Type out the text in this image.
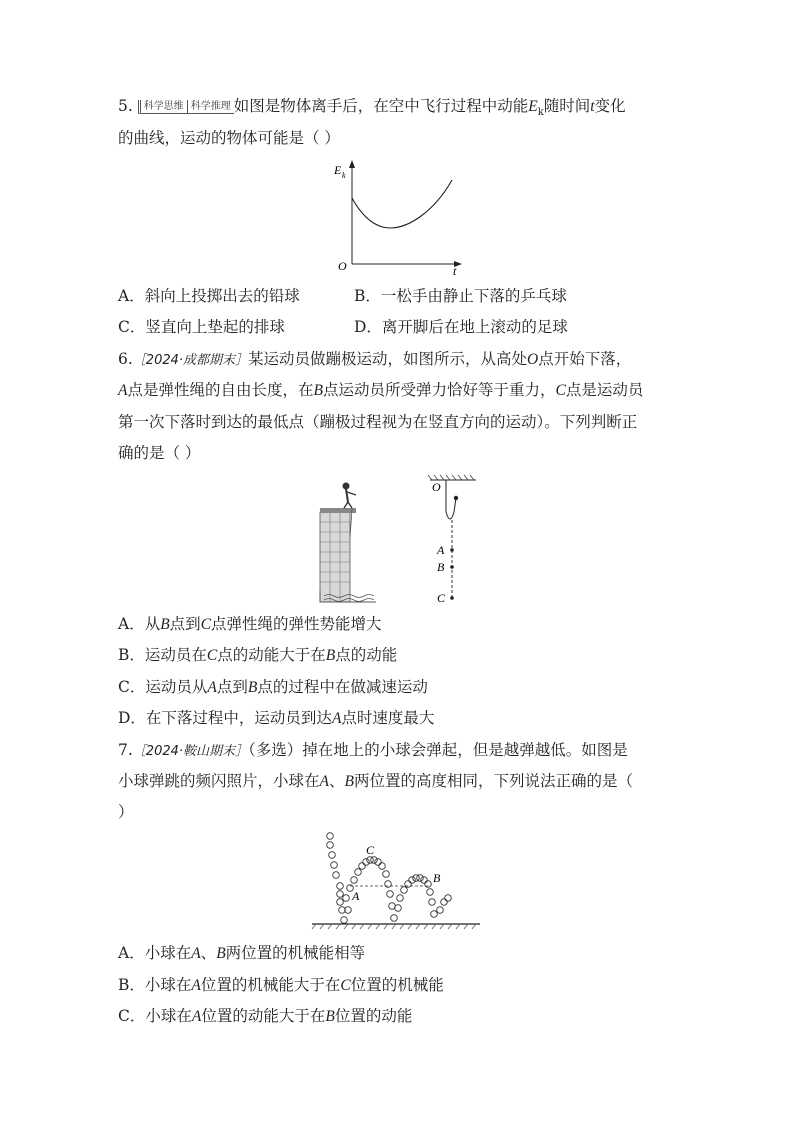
5. 科学思维 科学推理 如图是物体离手后，在空中飞行过程中动能$E_k$随时间t变化
的曲线，运动的物体可能是（ ）
E k
O	t
A．斜向上投掷出去的铅球	B．一松手由静止下落的乒乓球
C．竖直向上垫起的排球	D．离开脚后在地上滚动的足球
6.［2024·成都期末］某运动员做蹦极运动，如图所示，从高处O点开始下落，
A点是弹性绳的自由长度，在B点运动员所受弹力恰好等于重力，C点是运动员
第一次下落时到达的最低点（蹦极过程视为在竖直方向的运动）。下列判断正
确的是（ ）
O
A
B
C
A．从B点到C点弹性绳的弹性势能增大
B．运动员在C点的动能大于在B点的动能
C．运动员从A点到B点的过程中在做减速运动
D．在下落过程中，运动员到达A点时速度最大
7.［2024·鞍山期末］（多选）掉在地上的小球会弹起，但是越弹越低。如图是
小球弹跳的频闪照片，小球在A、B两位置的高度相同，下列说法正确的是（
）
C
A
B
A．小球在A、B两位置的机械能相等
B．小球在A位置的机械能大于在C位置的机械能
C．小球在A位置的动能大于在B位置的动能
